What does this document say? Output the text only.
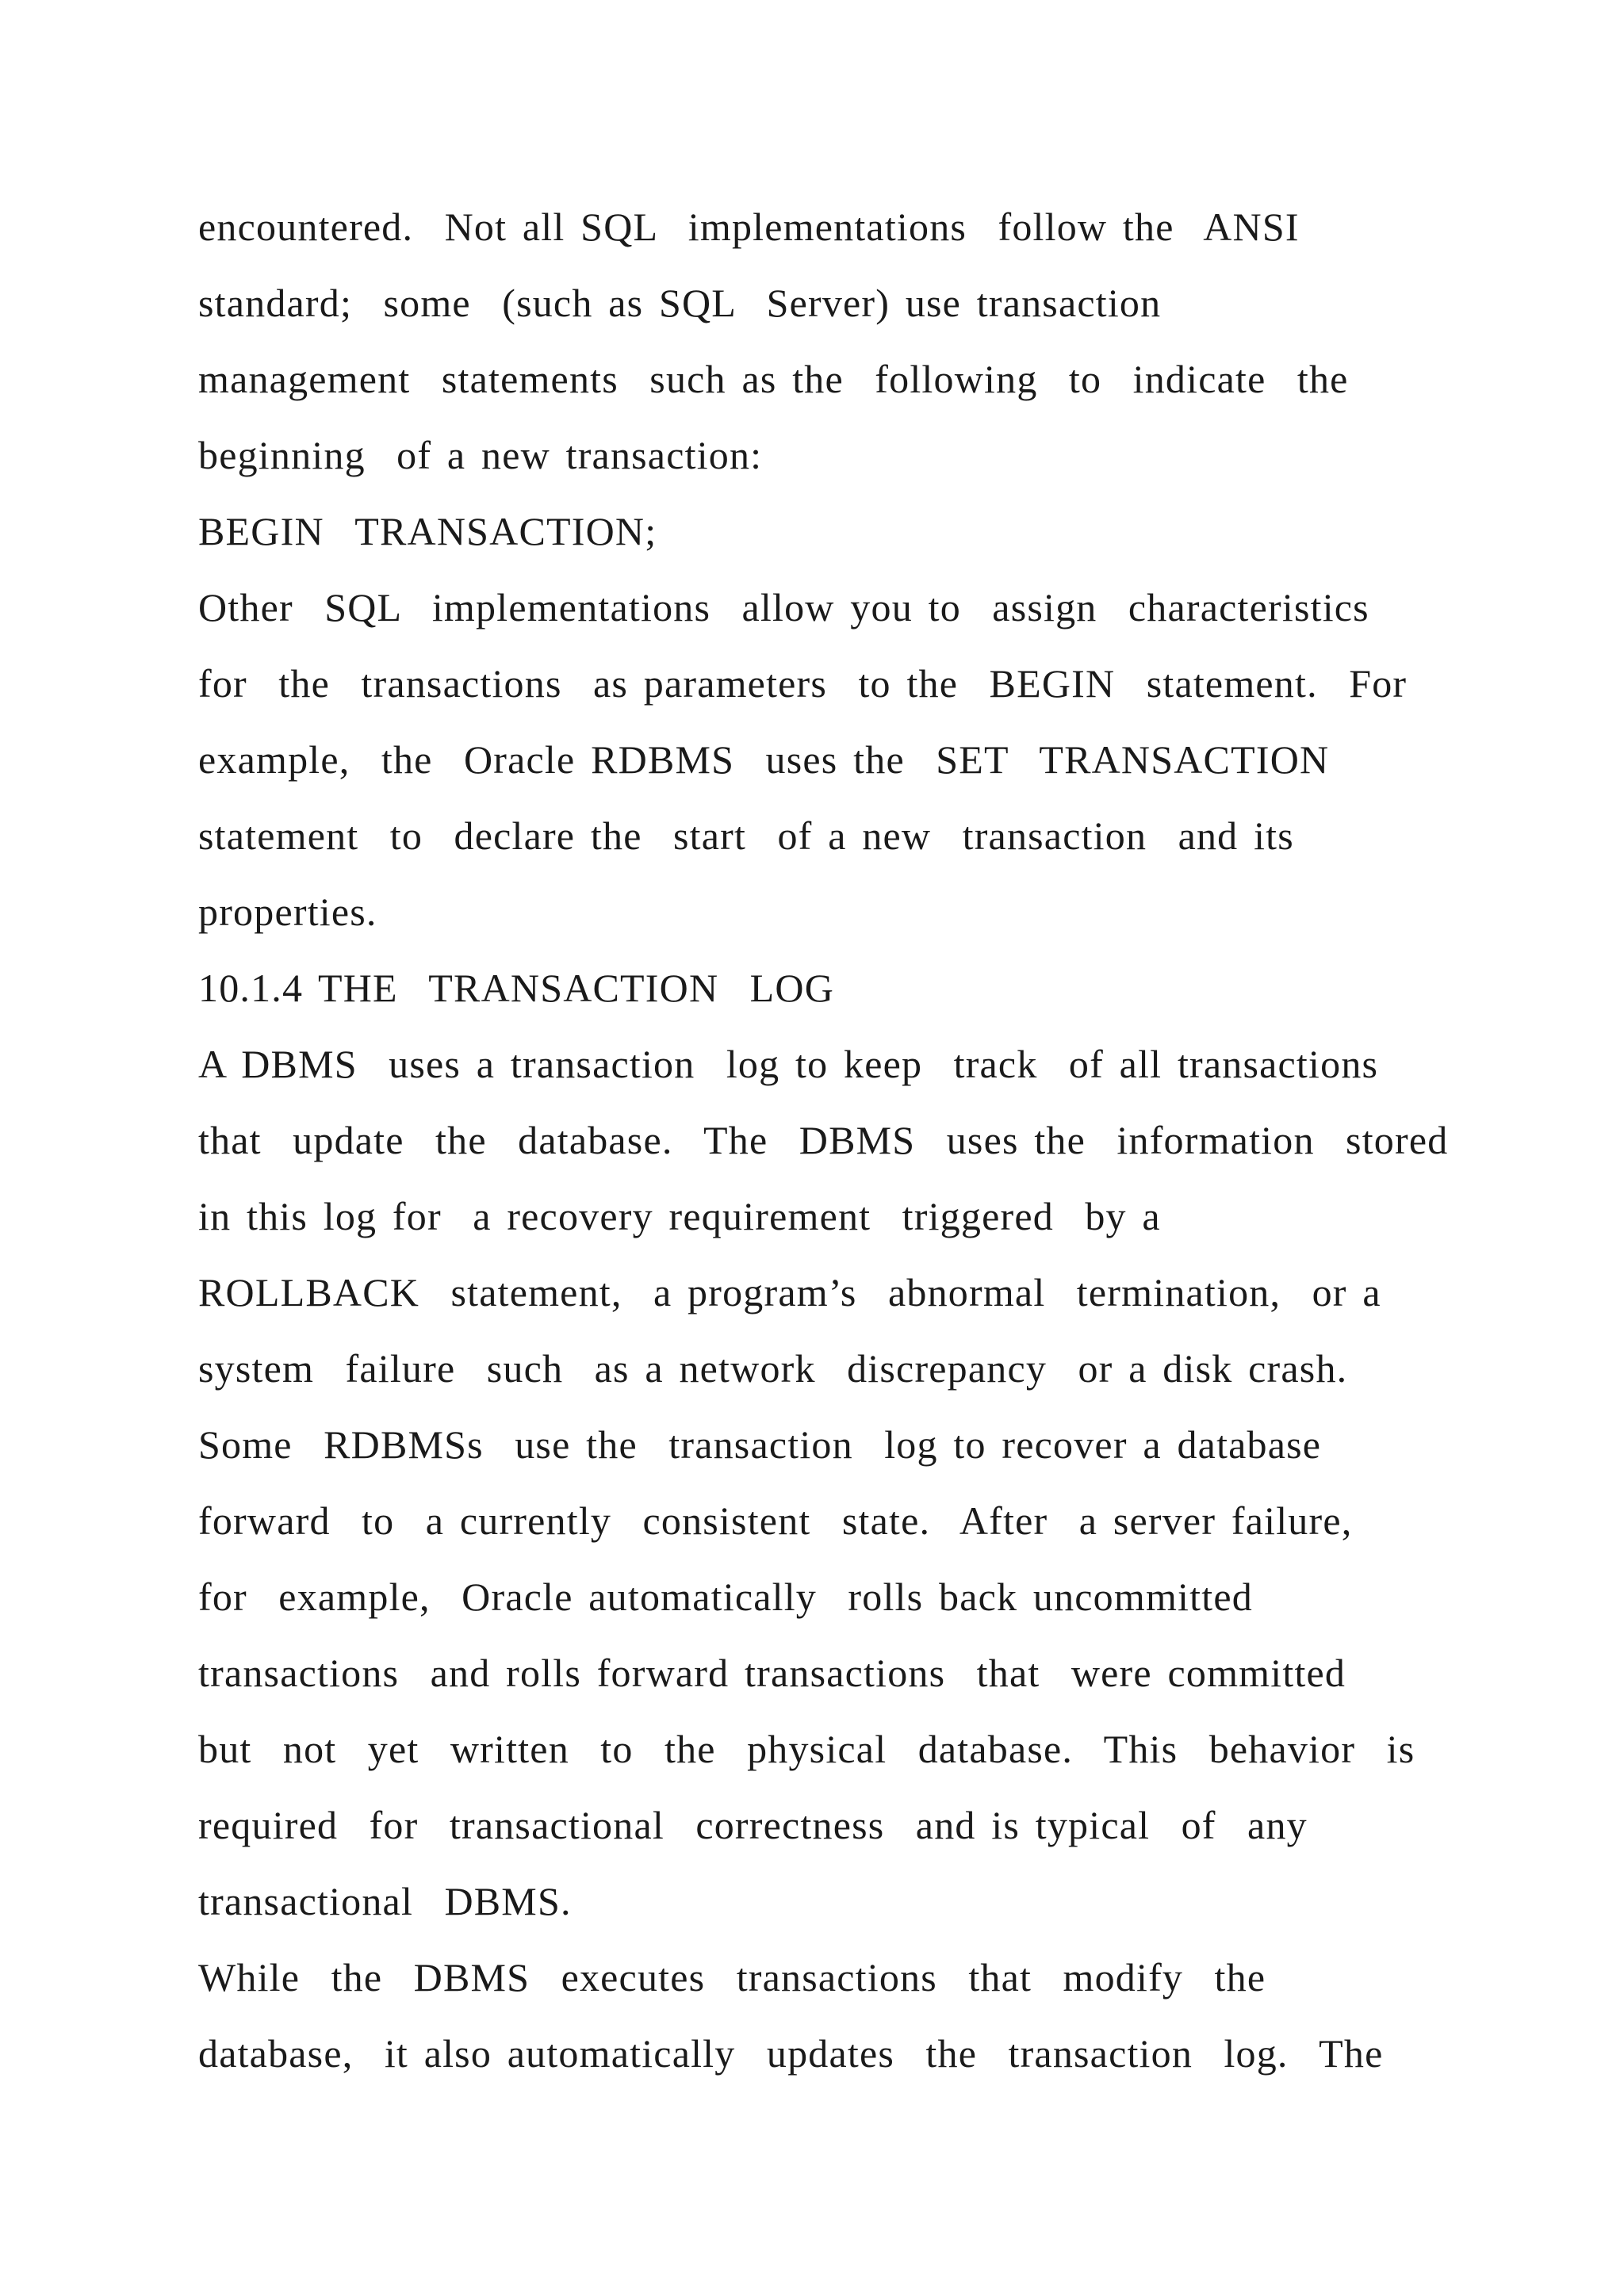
encountered.  Not all SQL  implementations  follow the  ANSI
standard;  some  (such as SQL  Server) use transaction
management  statements  such as the  following  to  indicate  the
beginning  of a new transaction:
BEGIN  TRANSACTION;
Other  SQL  implementations  allow you to  assign  characteristics
for  the  transactions  as parameters  to the  BEGIN  statement.  For
example,  the  Oracle RDBMS  uses the  SET  TRANSACTION
statement  to  declare the  start  of a new  transaction  and its
properties.
10.1.4 THE  TRANSACTION  LOG
A DBMS  uses a transaction  log to keep  track  of all transactions
that  update  the  database.  The  DBMS  uses the  information  stored
in this log for  a recovery requirement  triggered  by a
ROLLBACK  statement,  a program’s  abnormal  termination,  or a
system  failure  such  as a network  discrepancy  or a disk crash.
Some  RDBMSs  use the  transaction  log to recover a database
forward  to  a currently  consistent  state.  After  a server failure,
for  example,  Oracle automatically  rolls back uncommitted
transactions  and rolls forward transactions  that  were committed
but  not  yet  written  to  the  physical  database.  This  behavior  is
required  for  transactional  correctness  and is typical  of  any
transactional  DBMS.
While  the  DBMS  executes  transactions  that  modify  the
database,  it also automatically  updates  the  transaction  log.  The
